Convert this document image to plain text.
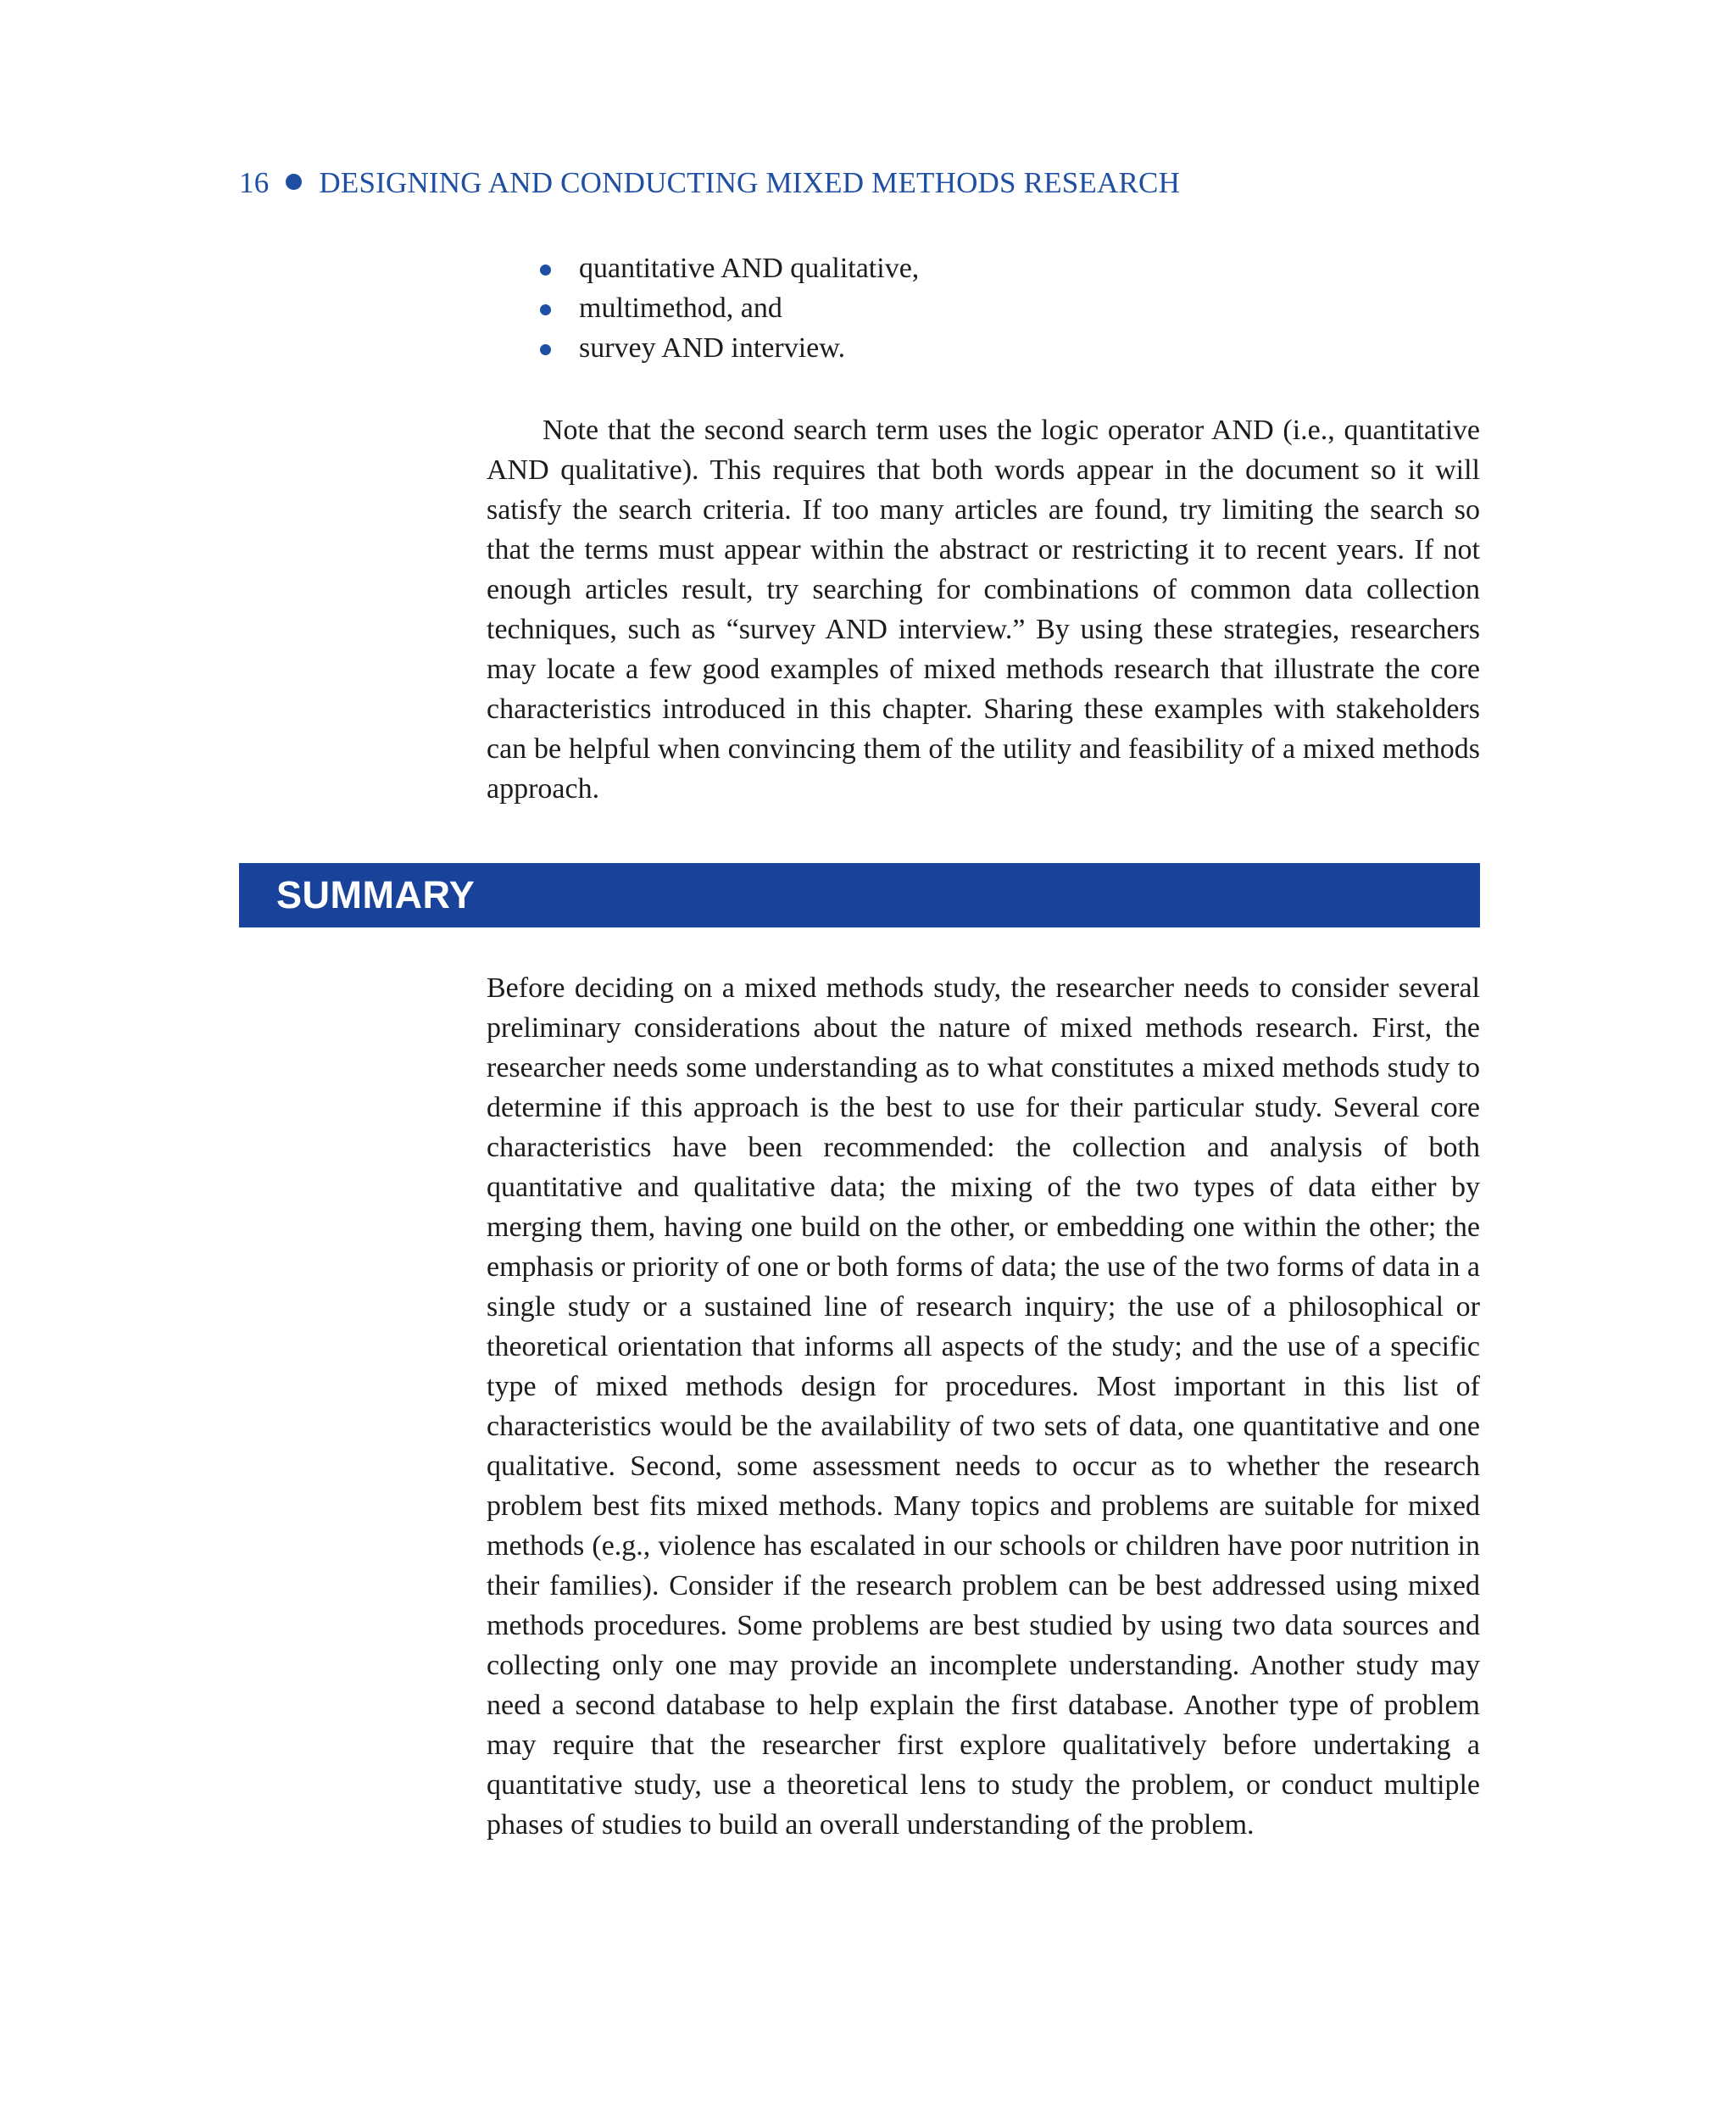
16 DESIGNING AND CONDUCTING MIXED METHODS RESEARCH
quantitative AND qualitative,
multimethod, and
survey AND interview.

Note that the second search term uses the logic operator AND (i.e., quantitative AND qualitative). This requires that both words appear in the document so it will satisfy the search criteria. If too many articles are found, try limiting the search so that the terms must appear within the abstract or restricting it to recent years. If not enough articles result, try searching for combinations of common data collection techniques, such as “survey AND interview.” By using these strategies, researchers may locate a few good examples of mixed methods research that illustrate the core characteristics introduced in this chapter. Sharing these examples with stakeholders can be helpful when convincing them of the utility and feasibility of a mixed methods approach.

SUMMARY

Before deciding on a mixed methods study, the researcher needs to consider several preliminary considerations about the nature of mixed methods research. First, the researcher needs some understanding as to what constitutes a mixed methods study to determine if this approach is the best to use for their particular study. Several core characteristics have been recommended: the collection and analysis of both quantitative and qualitative data; the mixing of the two types of data either by merging them, having one build on the other, or embedding one within the other; the emphasis or priority of one or both forms of data; the use of the two forms of data in a single study or a sustained line of research inquiry; the use of a philosophical or theoretical orientation that informs all aspects of the study; and the use of a specific type of mixed methods design for procedures. Most important in this list of characteristics would be the availability of two sets of data, one quantitative and one qualitative. Second, some assessment needs to occur as to whether the research problem best fits mixed methods. Many topics and problems are suitable for mixed methods (e.g., violence has escalated in our schools or children have poor nutrition in their families). Consider if the research problem can be best addressed using mixed methods procedures. Some problems are best studied by using two data sources and collecting only one may provide an incomplete understanding. Another study may need a second database to help explain the first database. Another type of problem may require that the researcher first explore qualitatively before undertaking a quantitative study, use a theoretical lens to study the problem, or conduct multiple phases of studies to build an overall understanding of the problem.
